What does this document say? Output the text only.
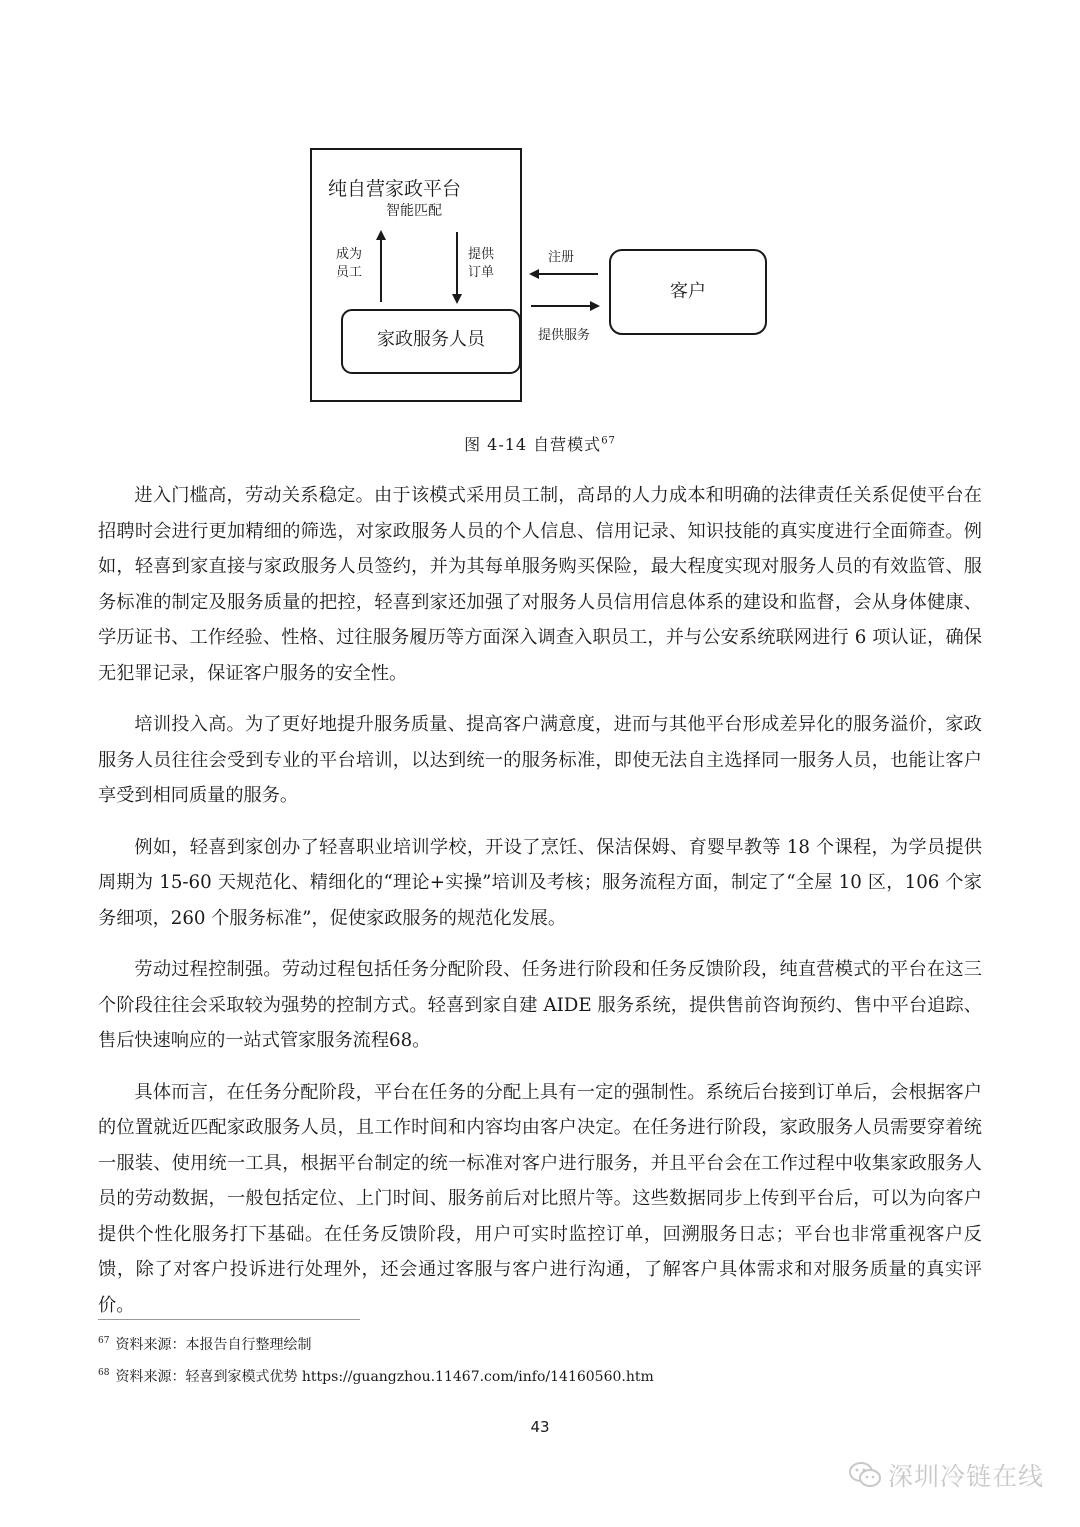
纯自营家政平台
智能匹配
成为员工
提供订单
家政服务人员
注册
提供服务
客户
图 4-14 自营模式$^{67}$

进入门槛高，劳动关系稳定。由于该模式采用员工制，高昂的人力成本和明确的法律责任关系促使平台在招聘时会进行更加精细的筛选，对家政服务人员的个人信息、信用记录、知识技能的真实度进行全面筛查。例如，轻喜到家直接与家政服务人员签约，并为其每单服务购买保险，最大程度实现对服务人员的有效监管、服务标准的制定及服务质量的把控，轻喜到家还加强了对服务人员信用信息体系的建设和监督，会从身体健康、学历证书、工作经验、性格、过往服务履历等方面深入调查入职员工，并与公安系统联网进行 6 项认证，确保无犯罪记录，保证客户服务的安全性。

培训投入高。为了更好地提升服务质量、提高客户满意度，进而与其他平台形成差异化的服务溢价，家政服务人员往往会受到专业的平台培训，以达到统一的服务标准，即使无法自主选择同一服务人员，也能让客户享受到相同质量的服务。

例如，轻喜到家创办了轻喜职业培训学校，开设了烹饪、保洁保姆、育婴早教等 18 个课程，为学员提供周期为 15-60 天规范化、精细化的“理论+实操”培训及考核；服务流程方面，制定了“全屋 10 区，106 个家务细项，260 个服务标准”，促使家政服务的规范化发展。

劳动过程控制强。劳动过程包括任务分配阶段、任务进行阶段和任务反馈阶段，纯直营模式的平台在这三个阶段往往会采取较为强势的控制方式。轻喜到家自建 AIDE 服务系统，提供售前咨询预约、售中平台追踪、售后快速响应的一站式管家服务流程68。

具体而言，在任务分配阶段，平台在任务的分配上具有一定的强制性。系统后台接到订单后，会根据客户的位置就近匹配家政服务人员，且工作时间和内容均由客户决定。在任务进行阶段，家政服务人员需要穿着统一服装、使用统一工具，根据平台制定的统一标准对客户进行服务，并且平台会在工作过程中收集家政服务人员的劳动数据，一般包括定位、上门时间、服务前后对比照片等。这些数据同步上传到平台后，可以为向客户提供个性化服务打下基础。在任务反馈阶段，用户可实时监控订单，回溯服务日志；平台也非常重视客户反馈，除了对客户投诉进行处理外，还会通过客服与客户进行沟通，了解客户具体需求和对服务质量的真实评价。

$^{67}$ 资料来源：本报告自行整理绘制
$^{68}$ 资料来源：轻喜到家模式优势 https://guangzhou.11467.com/info/14160560.htm
43
深圳冷链在线
